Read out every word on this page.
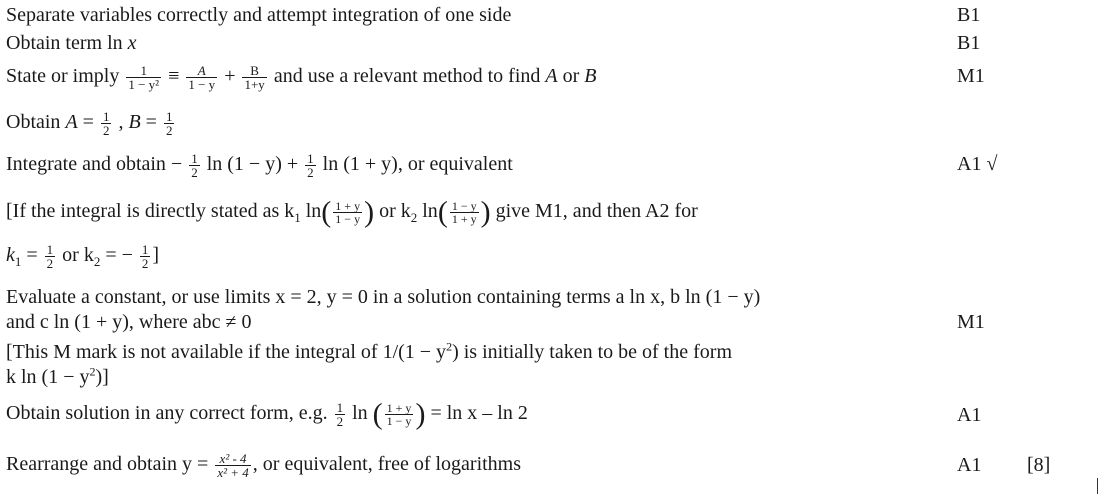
Separate variables correctly and attempt integration of one side	B1
Obtain term ln x	B1
State or imply $\frac{1}{\text{1 − y²}} \equiv \frac{A}{1 - y} + \frac{B}{1+y}$ and use a relevant method to find A or B	M1
Obtain $A = \frac{1}{2}$ , $B = \frac{1}{2}$
Integrate and obtain − $\frac{1}{2}$ $\ln (1 - y) + \frac{1}{2}$ ln (1 + y), or equivalent	A1 √
[If the integral is directly stated as $k_1$ $\ln( \frac{1 + y}{1 - y}$ ) or $k_2$ $\ln( \frac{1 - y}{1 + y}$ ) give M1, and then A2 for
$k_1 = \frac{1}{2}$ or $k_2$ = − $\frac{1}{2}$ ]
Evaluate a constant, or use limits x = 2, y = 0 in a solution containing terms a ln x, b ln (1 − y)
and c ln (1 + y), where abc ≠ 0	M1
[This M mark is not available if the integral of $1/(1 - y^2)$ is initially taken to be of the form
k $\ln (1 - y^2)$]
Obtain solution in any correct form, e.g. $\frac{1}{2}$ ln ( $\frac{1 + y}{1 - y}$ ) = ln x – ln 2	A1
Rearrange and obtain $y = \frac{\text{x² - 4}}{\text{x² + 4}}$ , or equivalent, free of logarithms	A1 [8]
